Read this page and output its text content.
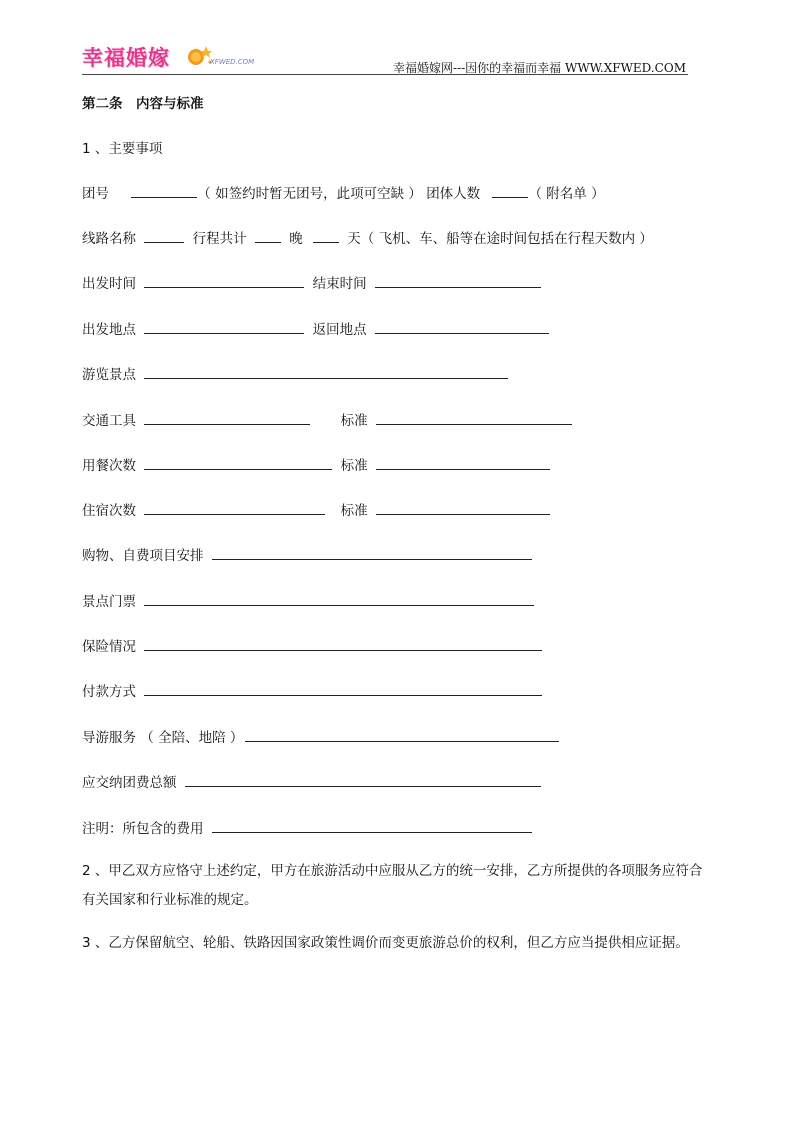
幸福婚嫁	XFWED.COM	幸福婚嫁网---因你的幸福而幸福 WWW.XFWED.COM
第二条　内容与标准
1 、主要事项
团号	（ 如签约时暂无团号，此项可空缺 ） 团体人数	（ 附名单 ）
线路名称	行程共计	晚	天（ 飞机、车、船等在途时间包括在行程天数内 ）
出发时间	结束时间
出发地点	返回地点
游览景点
交通工具	标准
用餐次数	标准
住宿次数	标准
购物、自费项目安排
景点门票
保险情况
付款方式
导游服务 （ 全陪、地陪 ）
应交纳团费总额
注明：所包含的费用
2 、甲乙双方应恪守上述约定，甲方在旅游活动中应服从乙方的统一安排，乙方所提供的各项服务应符合有关国家和行业标准的规定。
3 、乙方保留航空、轮船、铁路因国家政策性调价而变更旅游总价的权利，但乙方应当提供相应证据。
